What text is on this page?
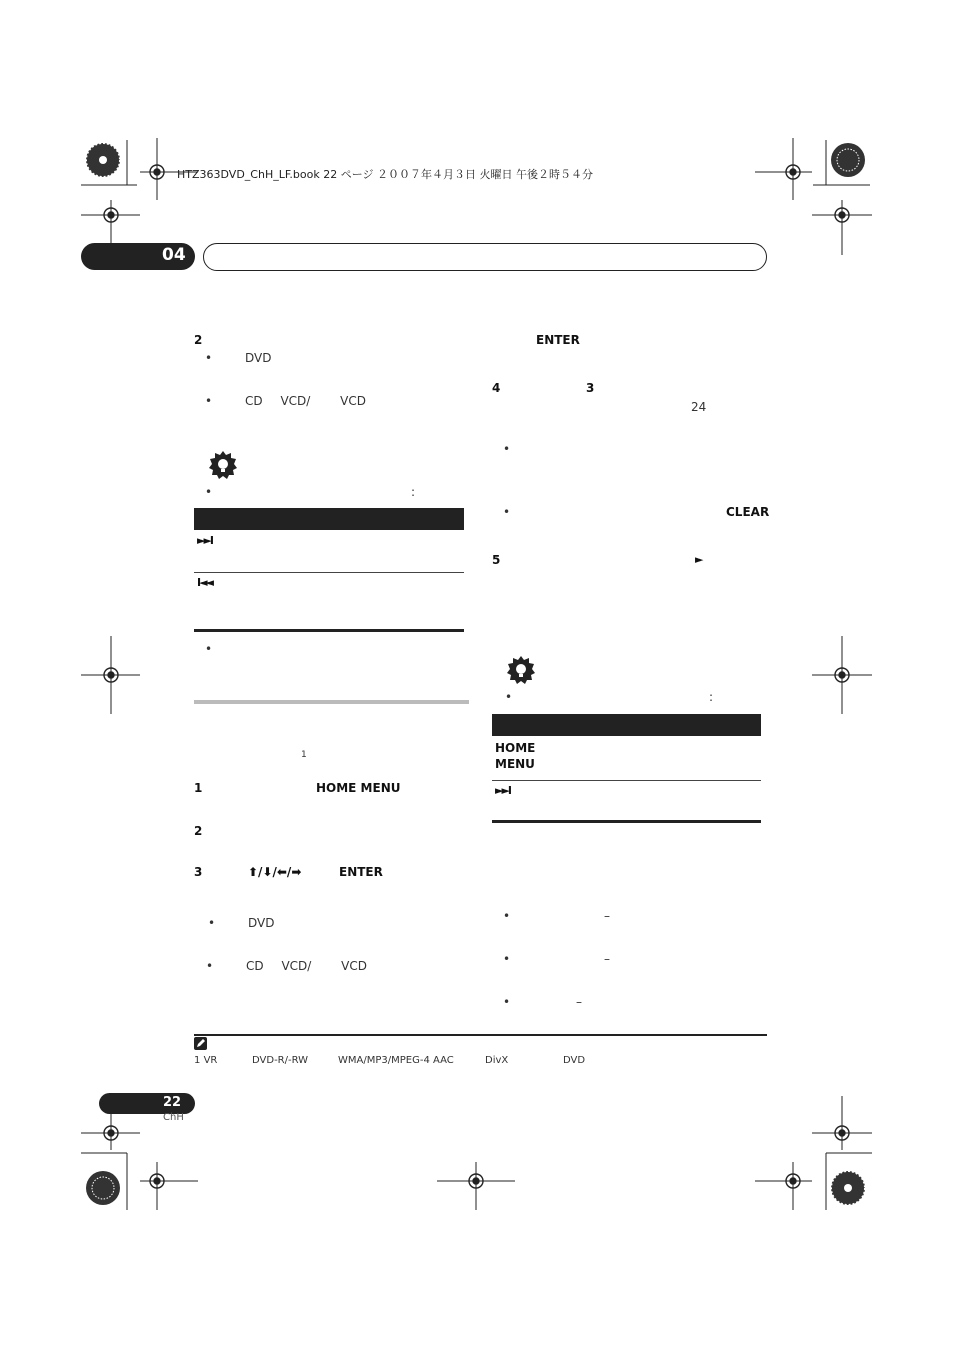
HTZ363DVD_ChH_LF.book 22 ページ ２００７年４月３日 火曜日 午後２時５４分
04
2
• DVD
• CD VCD/ VCD
:
►►I
I◄◄
1
1	HOME MENU
2
3	⬆/⬇/⬅/➡	ENTER
• DVD
• CD VCD/ VCD
ENTER
4	3
24
CLEAR
5	►
:
HOME
MENU
►►I
• –
• –
• –
1 VR	DVD-R/-RW	WMA/MP3/MPEG-4 AAC	DivX	DVD
22
ChH
